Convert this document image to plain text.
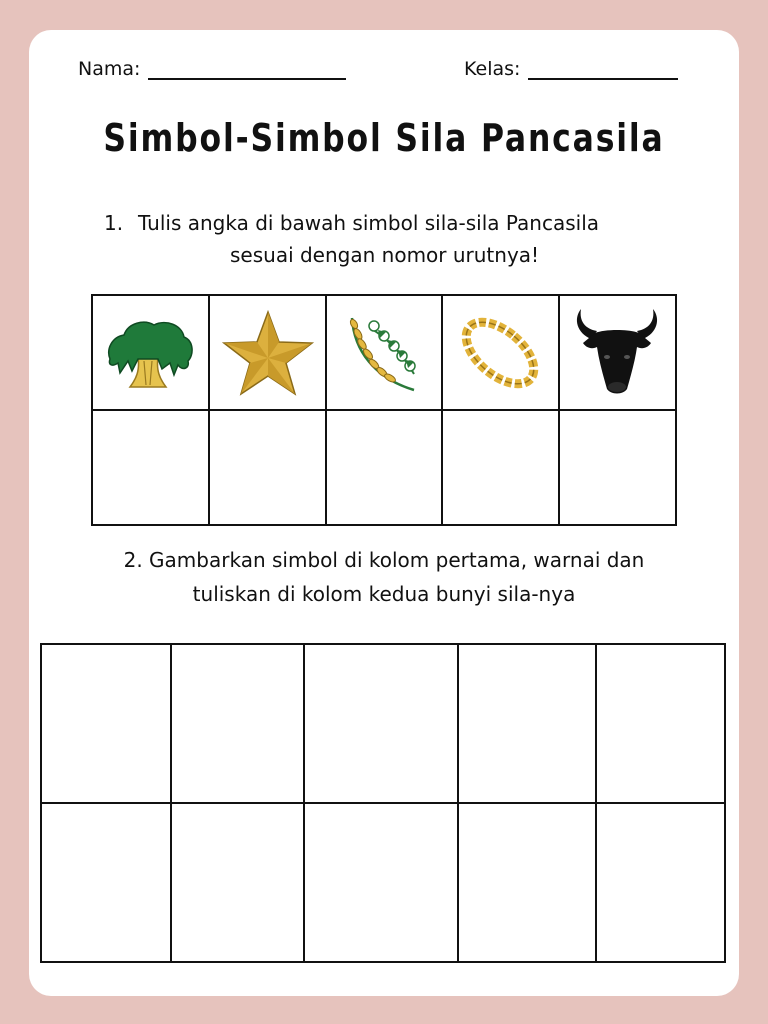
Nama:	Kelas:
Simbol-Simbol Sila Pancasila
1. Tulis angka di bawah simbol sila-sila Pancasila
sesuai dengan nomor urutnya!

2. Gambarkan simbol di kolom pertama, warnai dan
tuliskan di kolom kedua bunyi sila-nya
